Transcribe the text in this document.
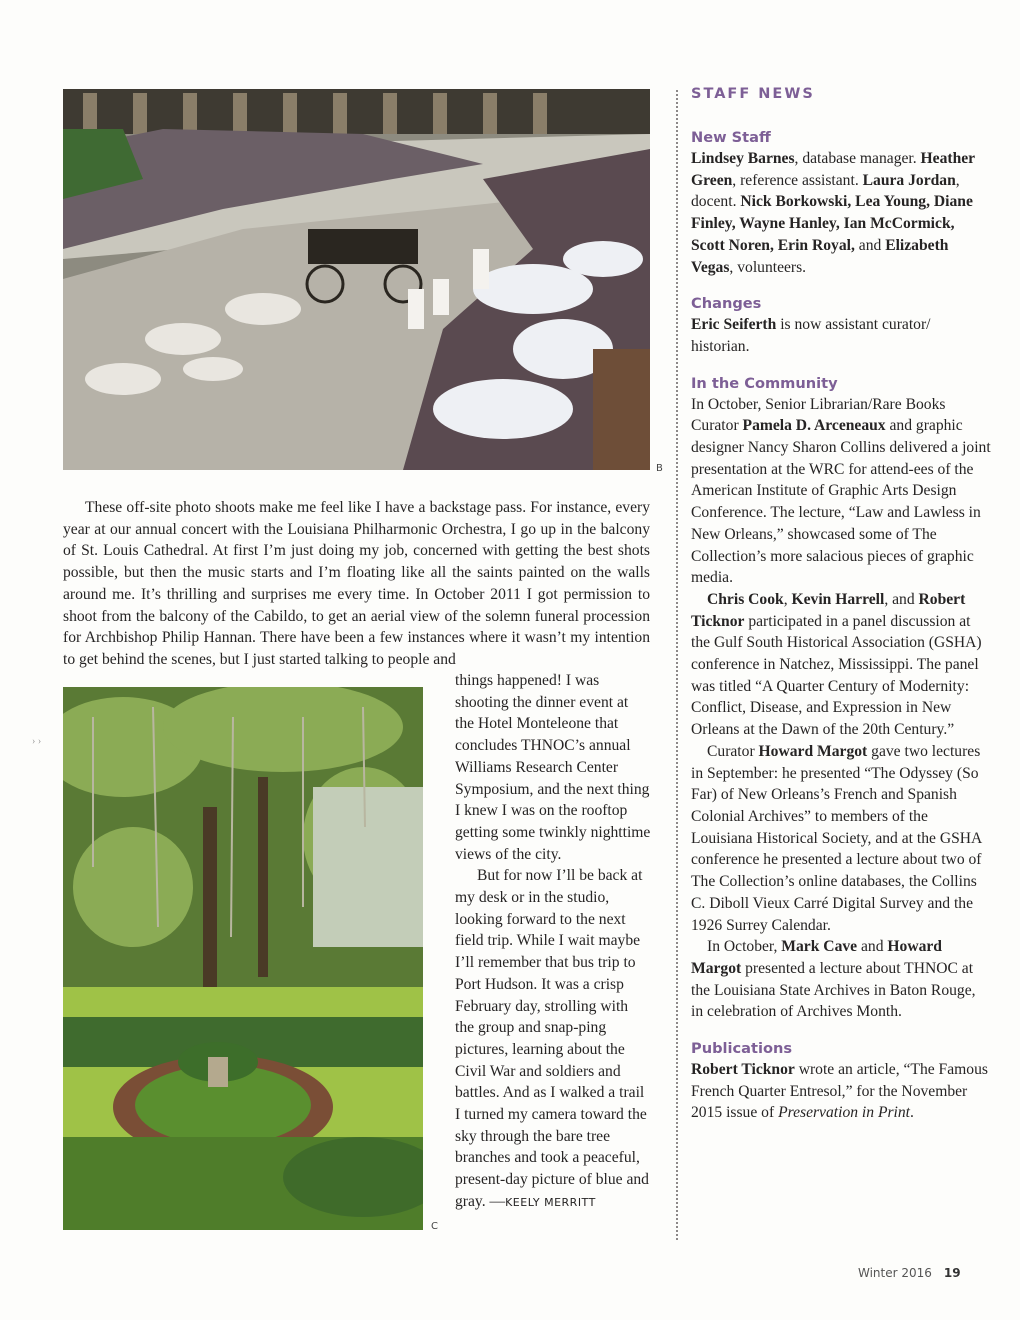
B

These off-site photo shoots make me feel like I have a backstage pass. For instance, every year at our annual concert with the Louisiana Philharmonic Orchestra, I go up in the balcony of St. Louis Cathedral. At first I’m just doing my job, concerned with getting the best shots possible, but then the music starts and I’m floating like all the saints painted on the walls around me. It’s thrilling and surprises me every time. In October 2011 I got permission to shoot from the balcony of the Cabildo, to get an aerial view of the solemn funeral procession for Archbishop Philip Hannan. There have been a few instances where it wasn’t my intention to get behind the scenes, but I just started talking to people and

C

things happened! I was shooting the dinner event at the Hotel Monteleone that concludes THNOC’s annual Williams Research Center Symposium, and the next thing I knew I was on the rooftop getting some twinkly nighttime views of the city.

But for now I’ll be back at my desk or in the studio, looking forward to the next field trip. While I wait maybe I’ll remember that bus trip to Port Hudson. It was a crisp February day, strolling with the group and snap-ping pictures, learning about the Civil War and soldiers and battles. And as I walked a trail I turned my camera toward the sky through the bare tree branches and took a peaceful, present-day picture of blue and gray. —KEELY MERRITT

› ›
STAFF NEWS
New Staff

Lindsey Barnes, database manager. Heather Green, reference assistant. Laura Jordan, docent. Nick Borkowski, Lea Young, Diane Finley, Wayne Hanley, Ian McCormick, Scott Noren, Erin Royal, and Elizabeth Vegas, volunteers.

Changes

Eric Seiferth is now assistant curator/ historian.

In the Community

In October, Senior Librarian/Rare Books Curator Pamela D. Arceneaux and graphic designer Nancy Sharon Collins delivered a joint presentation at the WRC for attend-ees of the American Institute of Graphic Arts Design Conference. The lecture, “Law and Lawless in New Orleans,” showcased some of The Collection’s more salacious pieces of graphic media.

Chris Cook, Kevin Harrell, and Robert Ticknor participated in a panel discussion at the Gulf South Historical Association (GSHA) conference in Natchez, Mississippi. The panel was titled “A Quarter Century of Modernity: Conflict, Disease, and Expression in New Orleans at the Dawn of the 20th Century.”

Curator Howard Margot gave two lectures in September: he presented “The Odyssey (So Far) of New Orleans’s French and Spanish Colonial Archives” to members of the Louisiana Historical Society, and at the GSHA conference he presented a lecture about two of The Collection’s online databases, the Collins C. Diboll Vieux Carré Digital Survey and the 1926 Surrey Calendar.

In October, Mark Cave and Howard Margot presented a lecture about THNOC at the Louisiana State Archives in Baton Rouge, in celebration of Archives Month.

Publications

Robert Ticknor wrote an article, “The Famous French Quarter Entresol,” for the November 2015 issue of Preservation in Print.

Winter 2016 19
